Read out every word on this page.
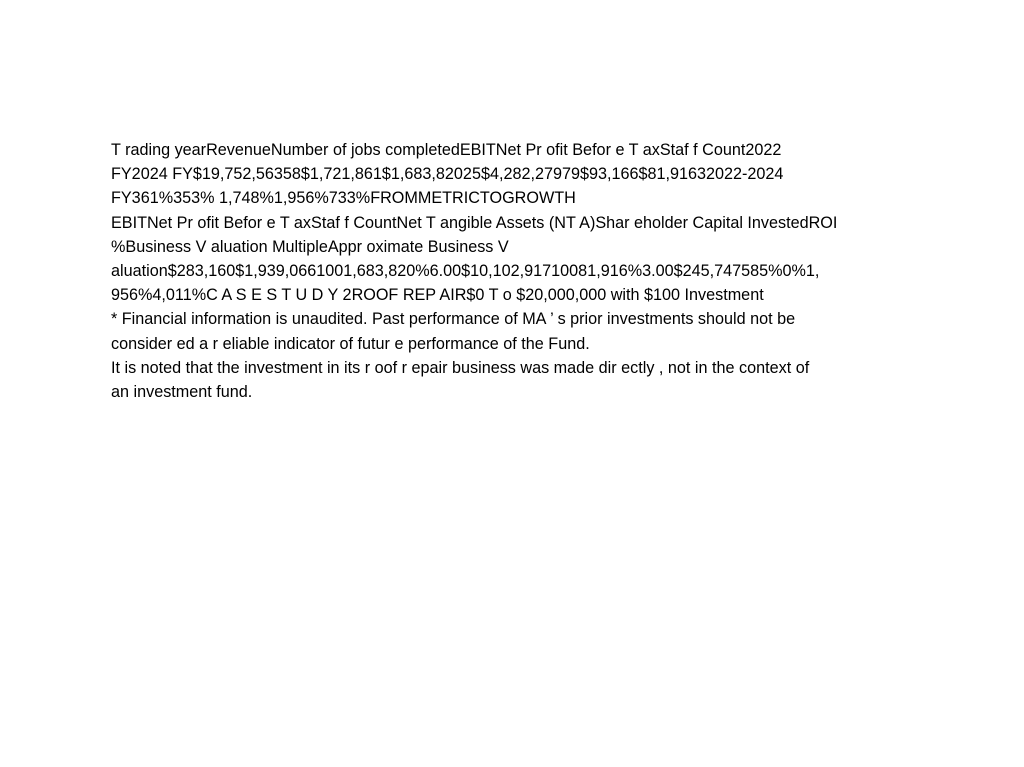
T rading yearRevenueNumber of jobs completedEBITNet Pr ofit Befor e T axStaf f Count2022
FY2024 FY$19,752,56358$1,721,861$1,683,82025$4,282,27979$93,166$81,91632022-2024
FY361%353% 1,748%1,956%733%FROMMETRICTOGROWTH
EBITNet Pr ofit Befor e T axStaf f CountNet T angible Assets (NT A)Shar eholder Capital InvestedROI
%Business V aluation MultipleAppr oximate Business V
aluation$283,160$1,939,0661001,683,820%6.00$10,102,91710081,916%3.00$245,747585%0%1,
956%4,011%C A S E S T U D Y 2ROOF REP AIR$0 T o $20,000,000 with $100 Investment
* Financial information is unaudited. Past performance of MA ’ s prior investments should not be
consider ed a r eliable indicator of futur e performance of the Fund.
It is noted that the investment in its r oof r epair business was made dir ectly , not in the context of
an investment fund.
